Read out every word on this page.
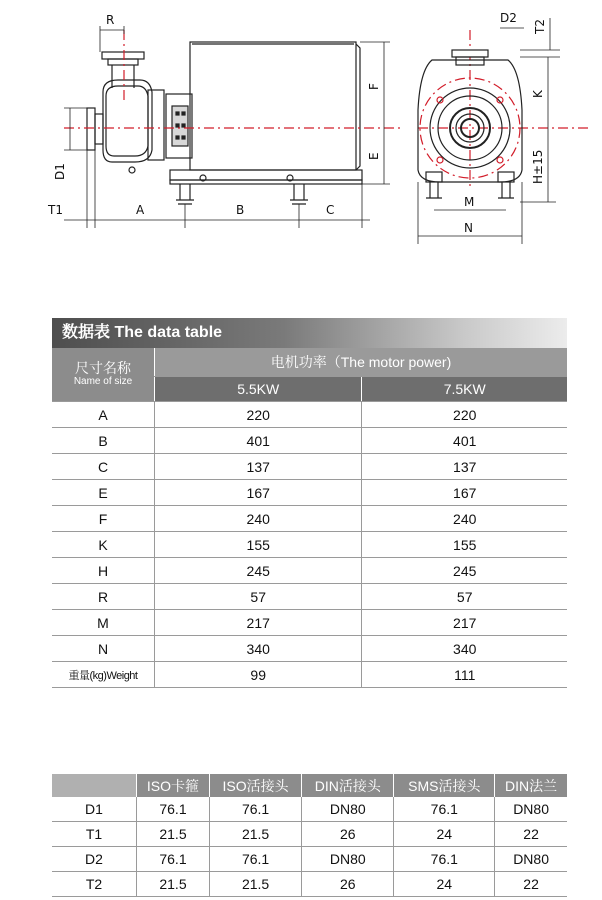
R
D1
T1	A	B	C
F
E
D2
T2
K
H±15
M
N
数据表 The data table
尺寸名称
Name of size	电机功率（The motor power)	
	5.5KW	7.5KW
A	220	220
B	401	401
C	137	137
E	167	167
F	240	240
K	155	155
H	245	245
R	57	57
M	217	217
N	340	340
重量(kg)Weight	99	111
	ISO卡箍	ISO活接头	DIN活接头	SMS活接头	DIN法兰
D1	76.1	76.1	DN80	76.1	DN80
T1	21.5	21.5	26	24	22
D2	76.1	76.1	DN80	76.1	DN80
T2	21.5	21.5	26	24	22
